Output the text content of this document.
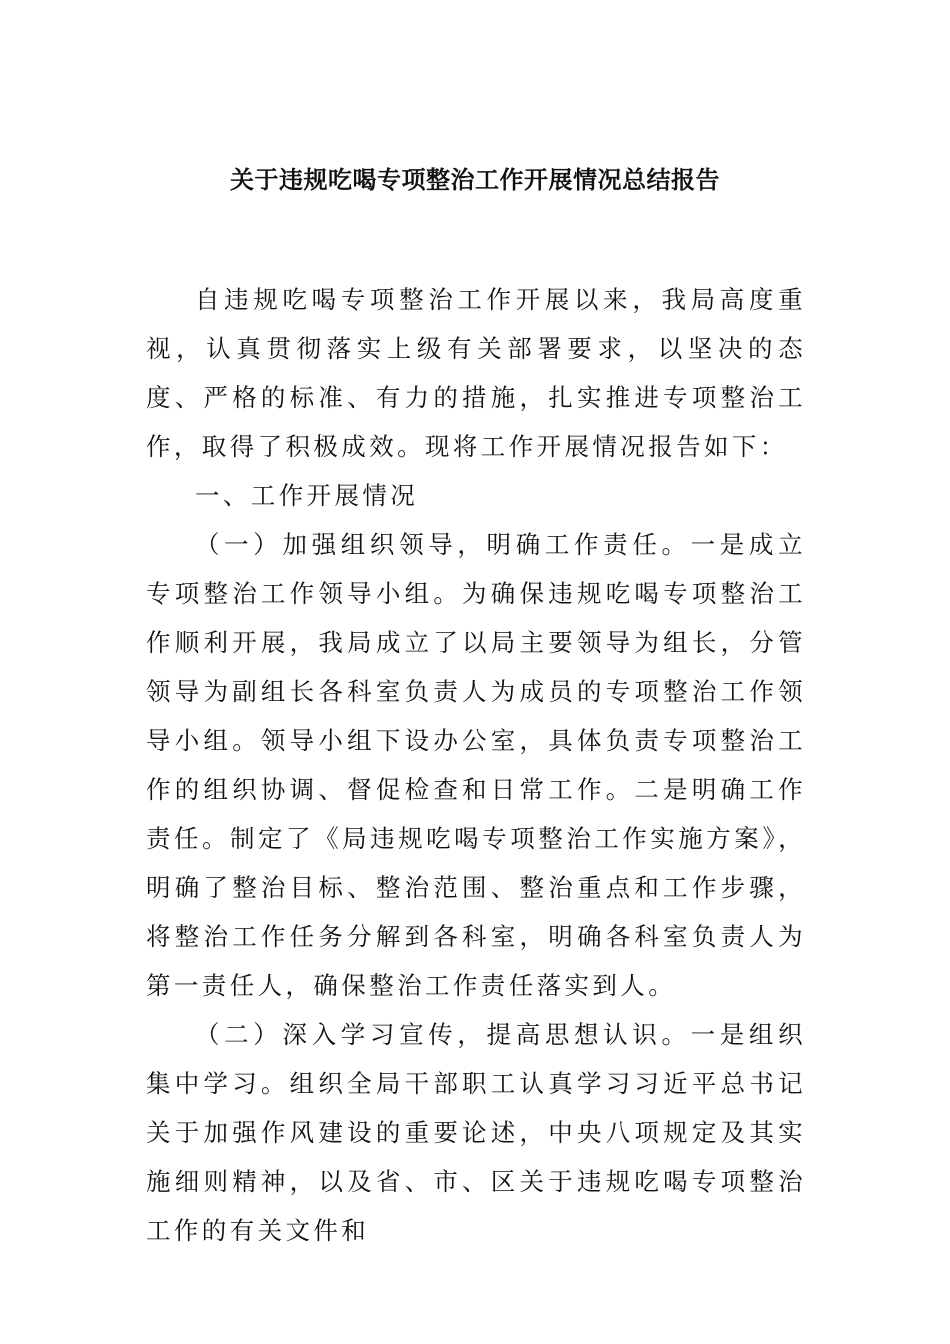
关于违规吃喝专项整治工作开展情况总结报告

自违规吃喝专项整治工作开展以来，我局高度重视，认真贯彻落实上级有关部署要求，以坚决的态度、严格的标准、有力的措施，扎实推进专项整治工作，取得了积极成效。现将工作开展情况报告如下：

一、工作开展情况

（一）加强组织领导，明确工作责任。一是成立专项整治工作领导小组。为确保违规吃喝专项整治工作顺利开展，我局成立了以局主要领导为组长，分管领导为副组长各科室负责人为成员的专项整治工作领导小组。领导小组下设办公室，具体负责专项整治工作的组织协调、督促检查和日常工作。二是明确工作责任。制定了《局违规吃喝专项整治工作实施方案》，明确了整治目标、整治范围、整治重点和工作步骤，将整治工作任务分解到各科室，明确各科室负责人为第一责任人，确保整治工作责任落实到人。

（二）深入学习宣传，提高思想认识。一是组织集中学习。组织全局干部职工认真学习习近平总书记关于加强作风建设的重要论述，中央八项规定及其实施细则精神，以及省、市、区关于违规吃喝专项整治工作的有关文件和
